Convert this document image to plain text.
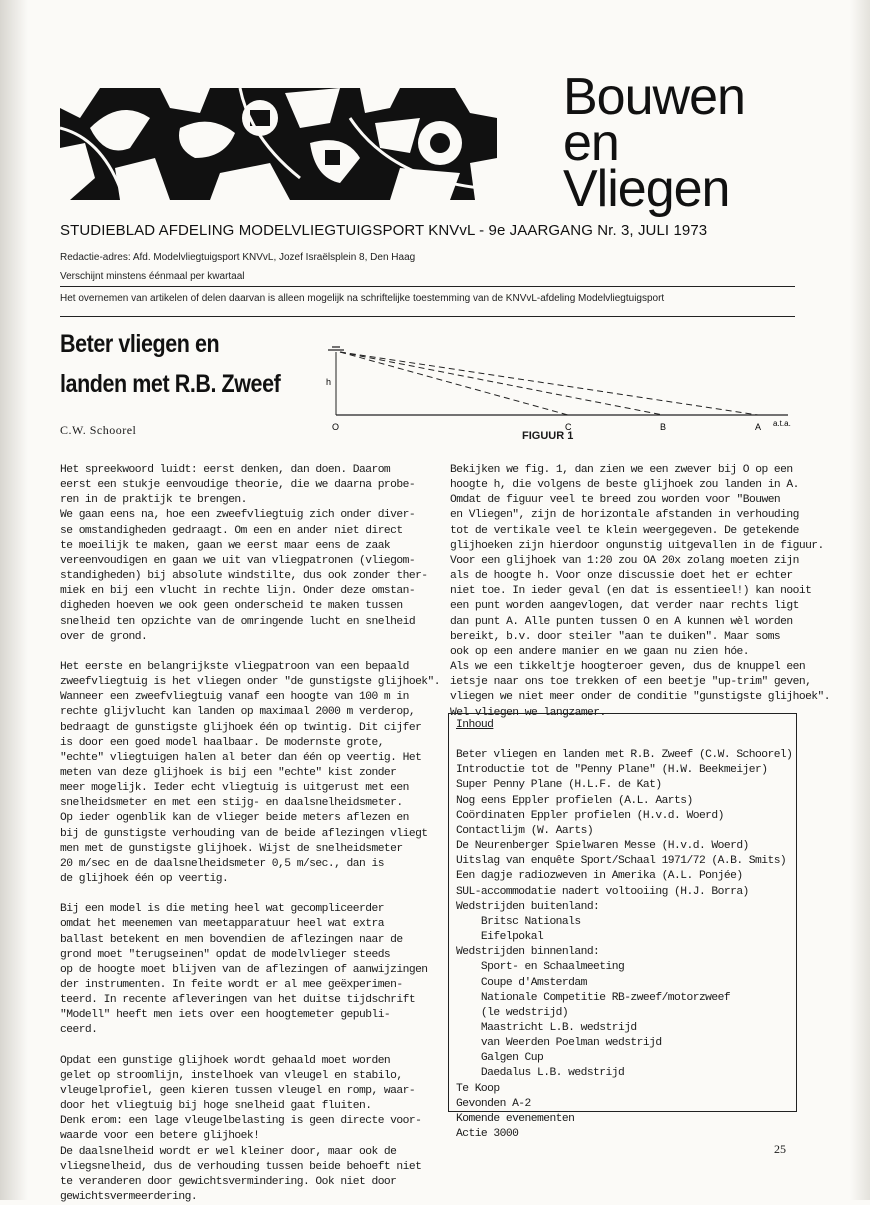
Bouwen
en
Vliegen
STUDIEBLAD AFDELING MODELVLIEGTUIGSPORT KNVvL - 9e JAARGANG Nr. 3, JULI 1973
Redactie-adres: Afd. Modelvliegtuigsport KNVvL, Jozef Israëlsplein 8, Den Haag
Verschijnt minstens éénmaal per kwartaal
Het overnemen van artikelen of delen daarvan is alleen mogelijk na schriftelijke toestemming van de KNVvL-afdeling Modelvliegtuigsport
Beter vliegen en
landen met R.B. Zweef
C.W. Schoorel
h
O	C	B	A a.t.a.
FIGUUR 1

Het spreekwoord luidt: eerst denken, dan doen. Daarom

eerst een stukje eenvoudige theorie, die we daarna probe-

ren in de praktijk te brengen.

We gaan eens na, hoe een zweefvliegtuig zich onder diver-

se omstandigheden gedraagt. Om een en ander niet direct

te moeilijk te maken, gaan we eerst maar eens de zaak

vereenvoudigen en gaan we uit van vliegpatronen (vliegom-

standigheden) bij absolute windstilte, dus ook zonder ther-

miek en bij een vlucht in rechte lijn. Onder deze omstan-

digheden hoeven we ook geen onderscheid te maken tussen

snelheid ten opzichte van de omringende lucht en snelheid

over de grond.

Het eerste en belangrijkste vliegpatroon van een bepaald

zweefvliegtuig is het vliegen onder "de gunstigste glijhoek".

Wanneer een zweefvliegtuig vanaf een hoogte van 100 m in

rechte glijvlucht kan landen op maximaal 2000 m verderop,

bedraagt de gunstigste glijhoek één op twintig. Dit cijfer

is door een goed model haalbaar. De modernste grote,

"echte" vliegtuigen halen al beter dan één op veertig. Het

meten van deze glijhoek is bij een "echte" kist zonder

meer mogelijk. Ieder echt vliegtuig is uitgerust met een

snelheidsmeter en met een stijg- en daalsnelheidsmeter.

Op ieder ogenblik kan de vlieger beide meters aflezen en

bij de gunstigste verhouding van de beide aflezingen vliegt

men met de gunstigste glijhoek. Wijst de snelheidsmeter

20 m/sec en de daalsnelheidsmeter 0,5 m/sec., dan is

de glijhoek één op veertig.

Bij een model is die meting heel wat gecompliceerder

omdat het meenemen van meetapparatuur heel wat extra

ballast betekent en men bovendien de aflezingen naar de

grond moet "terugseinen" opdat de modelvlieger steeds

op de hoogte moet blijven van de aflezingen of aanwijzingen

der instrumenten. In feite wordt er al mee geëxperimen-

teerd. In recente afleveringen van het duitse tijdschrift

"Modell" heeft men iets over een hoogtemeter gepubli-

ceerd.

Opdat een gunstige glijhoek wordt gehaald moet worden

gelet op stroomlijn, instelhoek van vleugel en stabilo,

vleugelprofiel, geen kieren tussen vleugel en romp, waar-

door het vliegtuig bij hoge snelheid gaat fluiten.

Denk erom: een lage vleugelbelasting is geen directe voor-

waarde voor een betere glijhoek!

De daalsnelheid wordt er wel kleiner door, maar ook de

vliegsnelheid, dus de verhouding tussen beide behoeft niet

te veranderen door gewichtsvermindering. Ook niet door

gewichtsvermeerdering.

Bekijken we fig. 1, dan zien we een zwever bij O op een

hoogte h, die volgens de beste glijhoek zou landen in A.

Omdat de figuur veel te breed zou worden voor "Bouwen

en Vliegen", zijn de horizontale afstanden in verhouding

tot de vertikale veel te klein weergegeven. De getekende

glijhoeken zijn hierdoor ongunstig uitgevallen in de figuur.

Voor een glijhoek van 1:20 zou OA 20x zolang moeten zijn

als de hoogte h. Voor onze discussie doet het er echter

niet toe. In ieder geval (en dat is essentieel!) kan nooit

een punt worden aangevlogen, dat verder naar rechts ligt

dan punt A. Alle punten tussen O en A kunnen wèl worden

bereikt, b.v. door steiler "aan te duiken". Maar soms

ook op een andere manier en we gaan nu zien hóe.

Als we een tikkeltje hoogteroer geven, dus de knuppel een

ietsje naar ons toe trekken of een beetje "up-trim" geven,

vliegen we niet meer onder de conditie "gunstigste glijhoek".

Wel vliegen we langzamer.

Inhoud

Beter vliegen en landen met R.B. Zweef (C.W. Schoorel)

Introductie tot de "Penny Plane" (H.W. Beekmeijer)

Super Penny Plane (H.L.F. de Kat)

Nog eens Eppler profielen (A.L. Aarts)

Coördinaten Eppler profielen (H.v.d. Woerd)

Contactlijm (W. Aarts)

De Neurenberger Spielwaren Messe (H.v.d. Woerd)

Uitslag van enquête Sport/Schaal 1971/72 (A.B. Smits)

Een dagje radiozweven in Amerika (A.L. Ponjée)

SUL-accommodatie nadert voltooiing (H.J. Borra)

Wedstrijden buitenland:

Britsc Nationals

Eifelpokal

Wedstrijden binnenland:

Sport- en Schaalmeeting

Coupe d'Amsterdam

Nationale Competitie RB-zweef/motorzweef

(le wedstrijd)

Maastricht L.B. wedstrijd

van Weerden Poelman wedstrijd

Galgen Cup

Daedalus L.B. wedstrijd

Te Koop

Gevonden A-2

Komende evenementen

Actie 3000

25
